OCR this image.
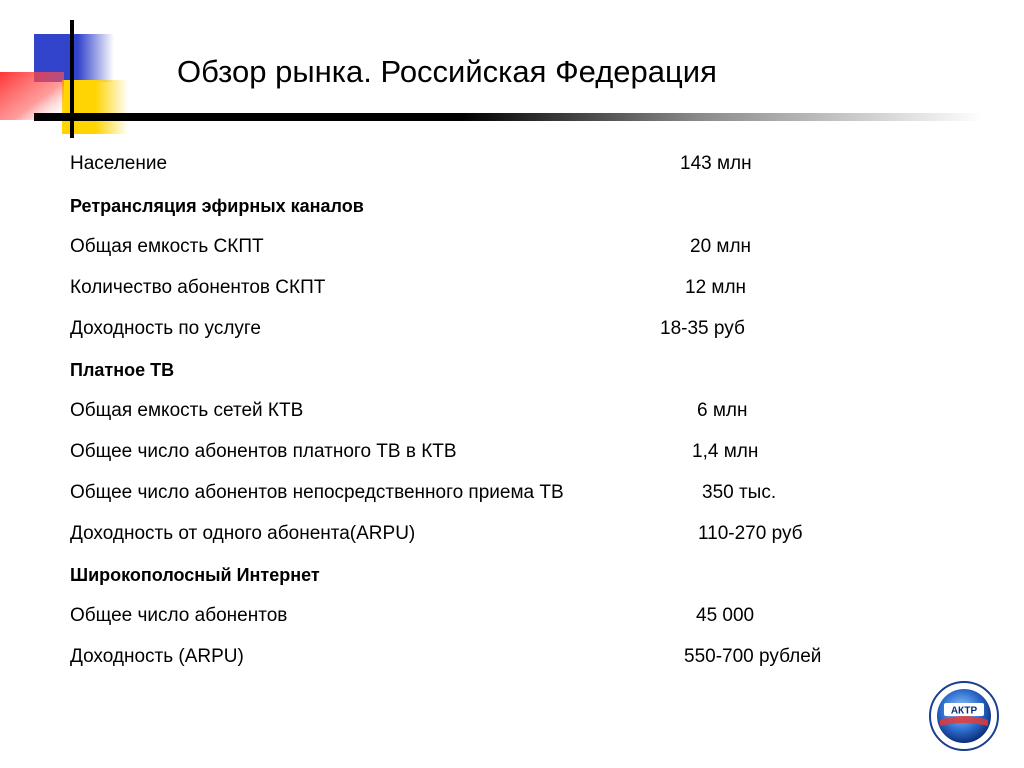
Обзор рынка. Российская Федерация
Население	143 млн
Ретрансляция эфирных каналов
Общая емкость СКПТ	20 млн
Количество абонентов СКПТ	12 млн
Доходность по услуге	18-35 руб
Платное ТВ
Общая емкость сетей КТВ	6 млн
Общее число абонентов платного ТВ в КТВ	1,4 млн
Общее число абонентов непосредственного приема ТВ	350 тыс.
Доходность от одного абонента(ARPU)	110-270 руб
Широкополосный Интернет
Общее число абонентов	45 000
Доходность (ARPU)	550-700 рублей
АКТР
